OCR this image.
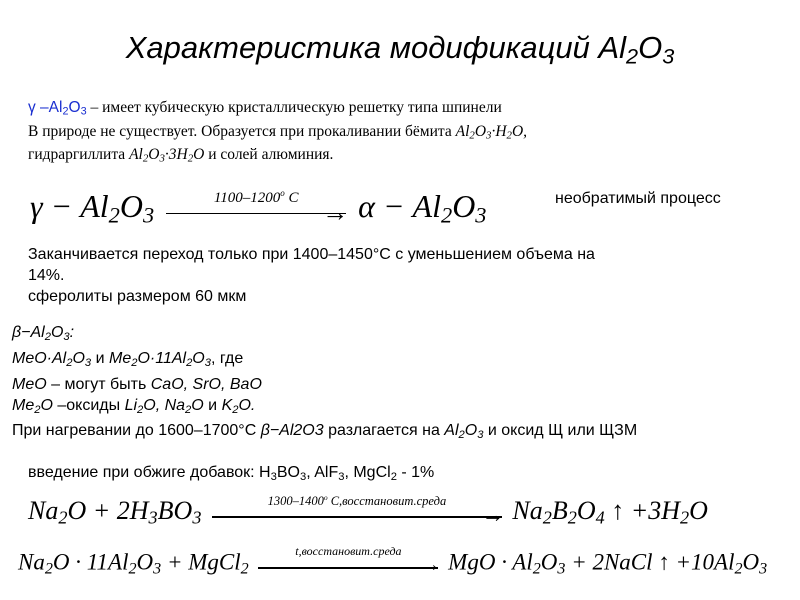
Характеристика модификаций $Al_2O_3$
γ $-Al_2O_3$ – имеет кубическую кристаллическую решетку типа шпинели
В природе не существует. Образуется при прокаливании бёмита $Al_2O_3\cdot H_2O$,
гидраргиллита $Al_2O_3\cdot 3H_2O$ и солей алюминия.
$\gamma - Al_2O_3$
1100–1200$^o$ $C \to \alpha - Al_2O_3$
необратимый процесс
Заканчивается переход только при 1400–1450°С с уменьшением объема на
14%.
сферолиты размером 60 мкм
$\beta-Al_2O_3$:
$MeO\cdot Al_2O_3$ и $Me_2O\cdot 11Al_2O_3$, где
MeO – могут быть CaO, SrO, BaO
$Me_2O$ –оксиды $Li_2O$, $Na_2O$ и $K_2O$.
При нагревании до 1600–1700°С β−Al2O3 разлагается на $Al_2O_3$ и оксид Щ или ЩЗМ
введение при обжиге добавок: $H_3BO_3$, AlF$_3$, MgCl$_2$ - 1%
$Na_2O + 2H_3BO_3$
1300–1400$^o$ C,восстановит.среда
→ $Na_2B_2O_4$ ↑ $+3H_2O$
$Na_2O \cdot 11Al_2O_3$ + MgCl$_2$
t,восстановит.среда
→ MgO · $Al_2O_3$ + 2NaCl ↑ $+10Al_2O_3$
